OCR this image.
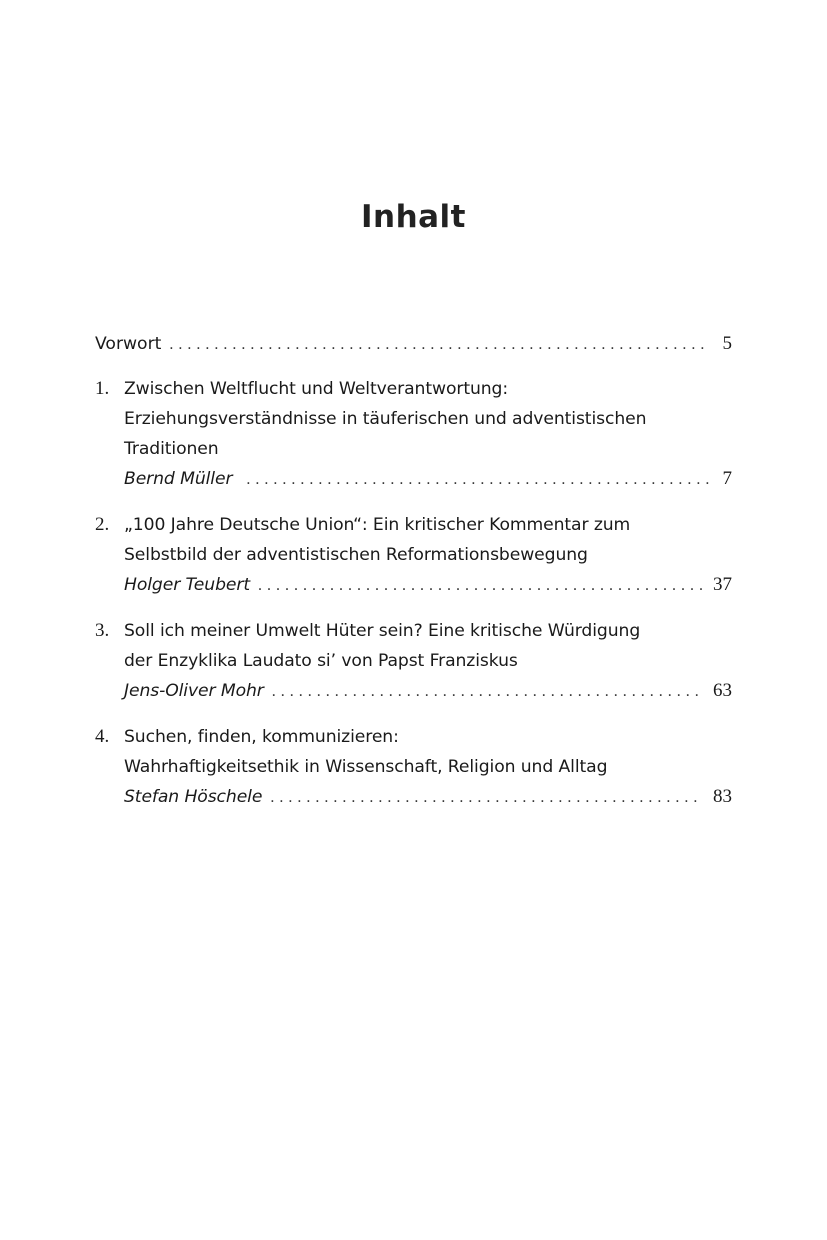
Inhalt
Vorwort . . .	5
1. Zwischen Weltflucht und Weltverantwortung:
Erziehungsverständnisse in täuferischen und adventistischen
Traditionen
Bernd Müller . . .	7
2. „100 Jahre Deutsche Union“: Ein kritischer Kommentar zum
Selbstbild der adventistischen Reformationsbewegung
Holger Teubert . . .	37
3. Soll ich meiner Umwelt Hüter sein? Eine kritische Würdigung
der Enzyklika Laudato si’ von Papst Franziskus
Jens-Oliver Mohr . . .	63
4. Suchen, finden, kommunizieren:
Wahrhaftigkeitsethik in Wissenschaft, Religion und Alltag
Stefan Höschele . . .	83
